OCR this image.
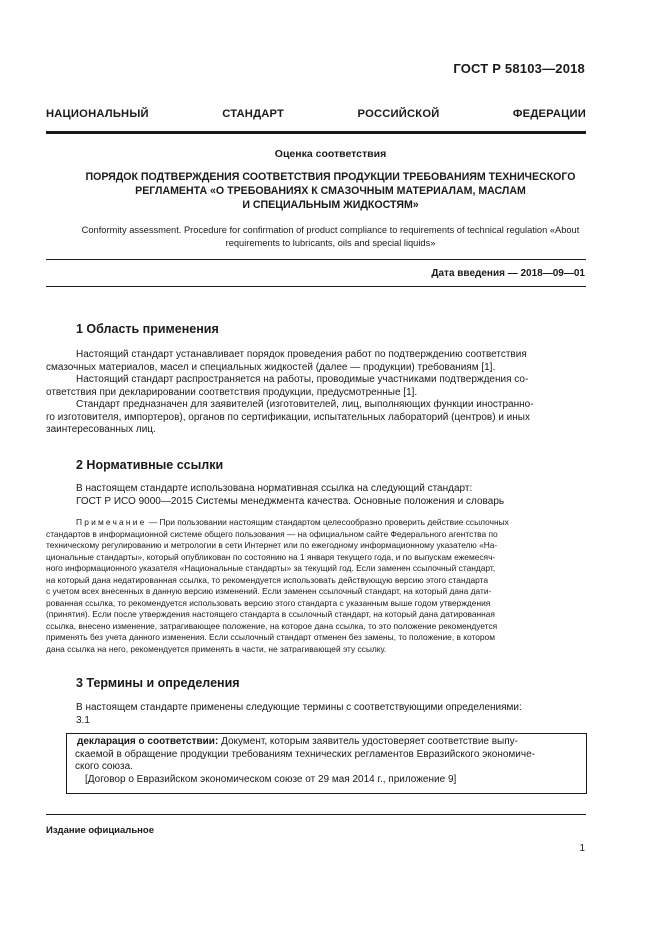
ГОСТ Р 58103—2018
НАЦИОНАЛЬНЫЙ СТАНДАРТ РОССИЙСКОЙ ФЕДЕРАЦИИ
Оценка соответствия
ПОРЯДОК ПОДТВЕРЖДЕНИЯ СООТВЕТСТВИЯ ПРОДУКЦИИ ТРЕБОВАНИЯМ ТЕХНИЧЕСКОГО
РЕГЛАМЕНТА «О ТРЕБОВАНИЯХ К СМАЗОЧНЫМ МАТЕРИАЛАМ, МАСЛАМ
И СПЕЦИАЛЬНЫМ ЖИДКОСТЯМ»
Conformity assessment. Procedure for confirmation of product compliance to requirements of technical regulation «About
requirements to lubricants, oils and special liquids»
Дата введения — 2018—09—01
1 Область применения

Настоящий стандарт устанавливает порядок проведения работ по подтверждению соответствия

смазочных материалов, масел и специальных жидкостей (далее — продукции) требованиям [1].

Настоящий стандарт распространяется на работы, проводимые участниками подтверждения со-

ответствия при декларировании соответствия продукции, предусмотренные [1].

Стандарт предназначен для заявителей (изготовителей, лиц, выполняющих функции иностранно-

го изготовителя, импортеров), органов по сертификации, испытательных лабораторий (центров) и иных

заинтересованных лиц.

2 Нормативные ссылки

В настоящем стандарте использована нормативная ссылка на следующий стандарт:

ГОСТ Р ИСО 9000—2015 Системы менеджмента качества. Основные положения и словарь

Примечание — При пользовании настоящим стандартом целесообразно проверить действие ссылочных
стандартов в информационной системе общего пользования — на официальном сайте Федерального агентства по
техническому регулированию и метрологии в сети Интернет или по ежегодному информационному указателю «На-
циональные стандарты», который опубликован по состоянию на 1 января текущего года, и по выпускам ежемесяч-
ного информационного указателя «Национальные стандарты» за текущий год. Если заменен ссылочный стандарт,
на который дана недатированная ссылка, то рекомендуется использовать действующую версию этого стандарта
с учетом всех внесенных в данную версию изменений. Если заменен ссылочный стандарт, на который дана дати-
рованная ссылка, то рекомендуется использовать версию этого стандарта с указанным выше годом утверждения
(принятия). Если после утверждения настоящего стандарта в ссылочный стандарт, на который дана датированная
ссылка, внесено изменение, затрагивающее положение, на которое дана ссылка, то это положение рекомендуется
применять без учета данного изменения. Если ссылочный стандарт отменен без замены, то положение, в котором
дана ссылка на него, рекомендуется применять в части, не затрагивающей эту ссылку.
3 Термины и определения

В настоящем стандарте применены следующие термины с соответствующими определениями:

3.1

декларация о соответствии: Документ, которым заявитель удостоверяет соответствие выпу-

скаемой в обращение продукции требованиям технических регламентов Евразийского экономиче-

ского союза.

[Договор о Евразийском экономическом союзе от 29 мая 2014 г., приложение 9]

Издание официальное
1
